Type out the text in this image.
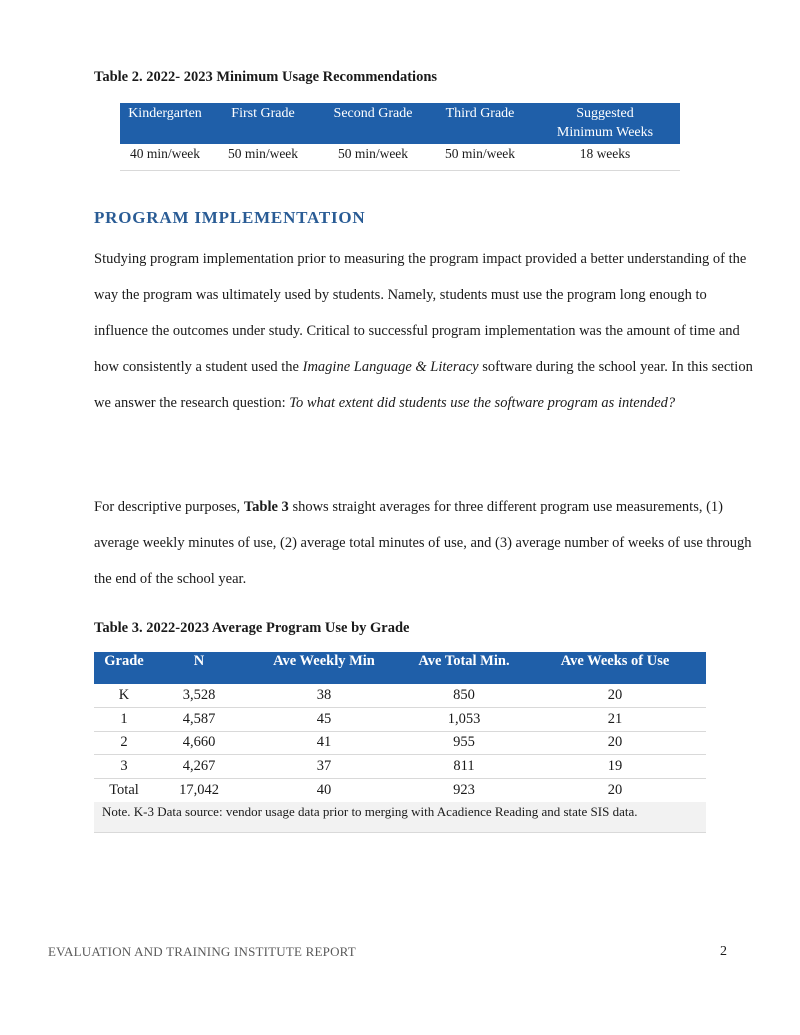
Table 2. 2022- 2023 Minimum Usage Recommendations
Kindergarten	First Grade	Second Grade	Third Grade	Suggested Minimum Weeks
40 min/week	50 min/week	50 min/week	50 min/week	18 weeks
PROGRAM IMPLEMENTATION

Studying program implementation prior to measuring the program impact provided a better understanding of the way the program was ultimately used by students. Namely, students must use the program long enough to influence the outcomes under study. Critical to successful program implementation was the amount of time and how consistently a student used the Imagine Language & Literacy software during the school year. In this section we answer the research question: To what extent did students use the software program as intended?

For descriptive purposes, Table 3 shows straight averages for three different program use measurements, (1) average weekly minutes of use, (2) average total minutes of use, and (3) average number of weeks of use through the end of the school year.

Table 3. 2022-2023 Average Program Use by Grade
Grade	N	Ave Weekly Min	Ave Total Min.	Ave Weeks of Use
K	3,528	38	850	20
1	4,587	45	1,053	21
2	4,660	41	955	20
3	4,267	37	811	19
Total	17,042	40	923	20
Note. K-3 Data source: vendor usage data prior to merging with Acadience Reading and state SIS data.				
EVALUATION AND TRAINING INSTITUTE REPORT	2
